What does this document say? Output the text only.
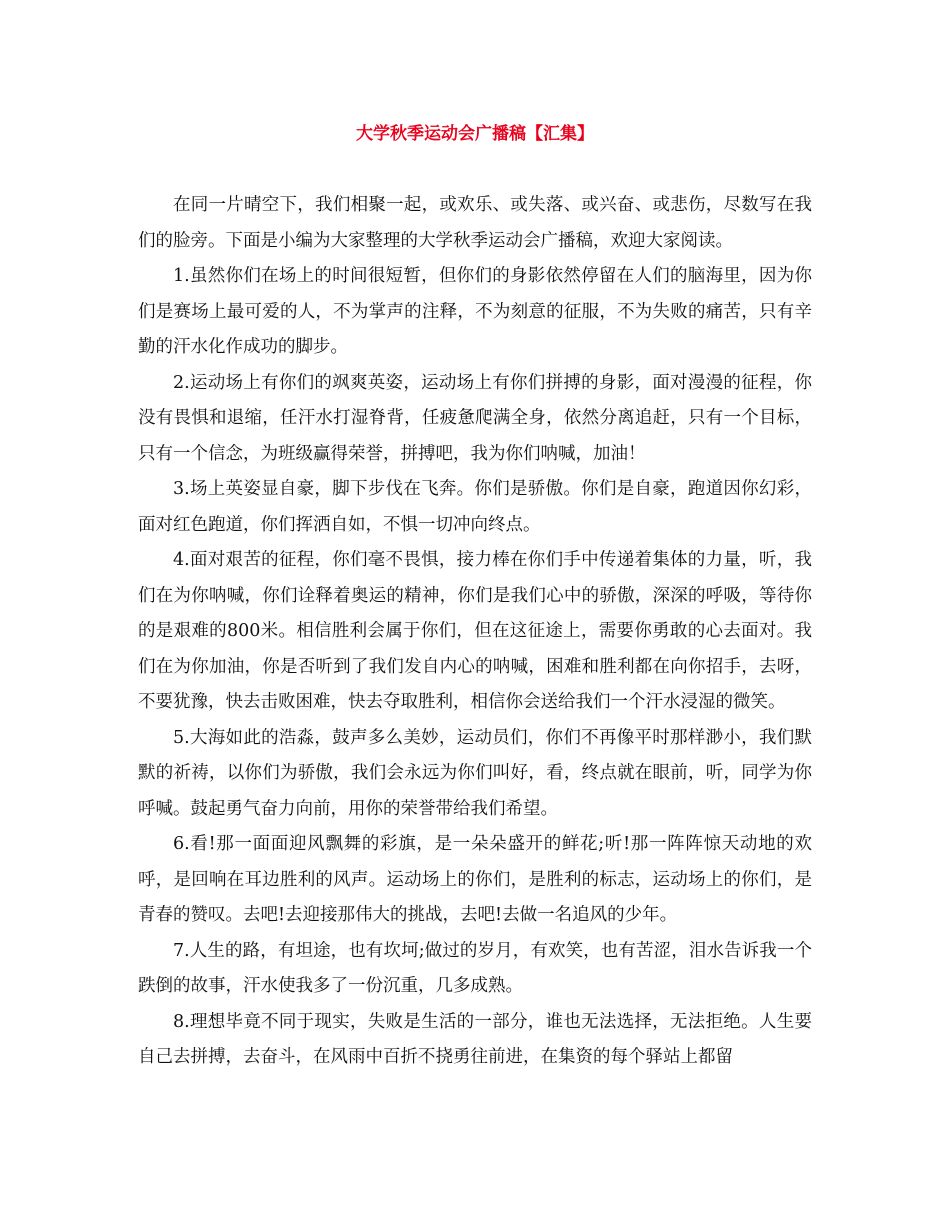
大学秋季运动会广播稿【汇集】

在同一片晴空下，我们相聚一起，或欢乐、或失落、或兴奋、或悲伤，尽数写在我们的脸旁。下面是小编为大家整理的大学秋季运动会广播稿，欢迎大家阅读。

1.虽然你们在场上的时间很短暂，但你们的身影依然停留在人们的脑海里，因为你们是赛场上最可爱的人，不为掌声的注释，不为刻意的征服，不为失败的痛苦，只有辛勤的汗水化作成功的脚步。

2.运动场上有你们的飒爽英姿，运动场上有你们拼搏的身影，面对漫漫的征程，你没有畏惧和退缩，任汗水打湿脊背，任疲惫爬满全身，依然分离追赶，只有一个目标，只有一个信念，为班级赢得荣誉，拼搏吧，我为你们呐喊，加油！

3.场上英姿显自豪，脚下步伐在飞奔。你们是骄傲。你们是自豪，跑道因你幻彩，面对红色跑道，你们挥洒自如，不惧一切冲向终点。

4.面对艰苦的征程，你们毫不畏惧，接力棒在你们手中传递着集体的力量，听，我们在为你呐喊，你们诠释着奥运的精神，你们是我们心中的骄傲，深深的呼吸，等待你的是艰难的800米。相信胜利会属于你们，但在这征途上，需要你勇敢的心去面对。我们在为你加油，你是否听到了我们发自内心的呐喊，困难和胜利都在向你招手，去呀，不要犹豫，快去击败困难，快去夺取胜利，相信你会送给我们一个汗水浸湿的微笑。

5.大海如此的浩淼，鼓声多么美妙，运动员们，你们不再像平时那样渺小，我们默默的祈祷，以你们为骄傲，我们会永远为你们叫好，看，终点就在眼前，听，同学为你呼喊。鼓起勇气奋力向前，用你的荣誉带给我们希望。

6.看!那一面面迎风飘舞的彩旗，是一朵朵盛开的鲜花;听!那一阵阵惊天动地的欢呼，是回响在耳边胜利的风声。运动场上的你们，是胜利的标志，运动场上的你们，是青春的赞叹。去吧!去迎接那伟大的挑战，去吧!去做一名追风的少年。

7.人生的路，有坦途，也有坎坷;做过的岁月，有欢笑，也有苦涩，泪水告诉我一个跌倒的故事，汗水使我多了一份沉重，几多成熟。

8.理想毕竟不同于现实，失败是生活的一部分，谁也无法选择，无法拒绝。人生要自己去拼搏，去奋斗，在风雨中百折不挠勇往前进，在集资的每个驿站上都留
